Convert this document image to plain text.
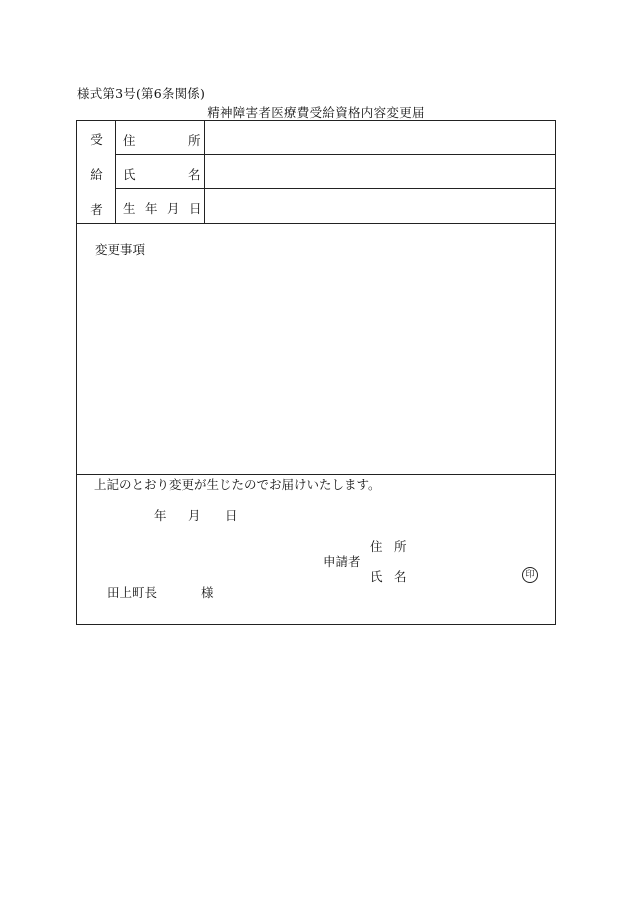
様式第3号(第6条関係)
精神障害者医療費受給資格内容変更届
受
給
者
住	所
氏	名
生 年 月 日
変更事項
上記のとおり変更が生じたのでお届けいたします。
年 月 日
申請者
住 所
氏 名	印
田上町長	様
